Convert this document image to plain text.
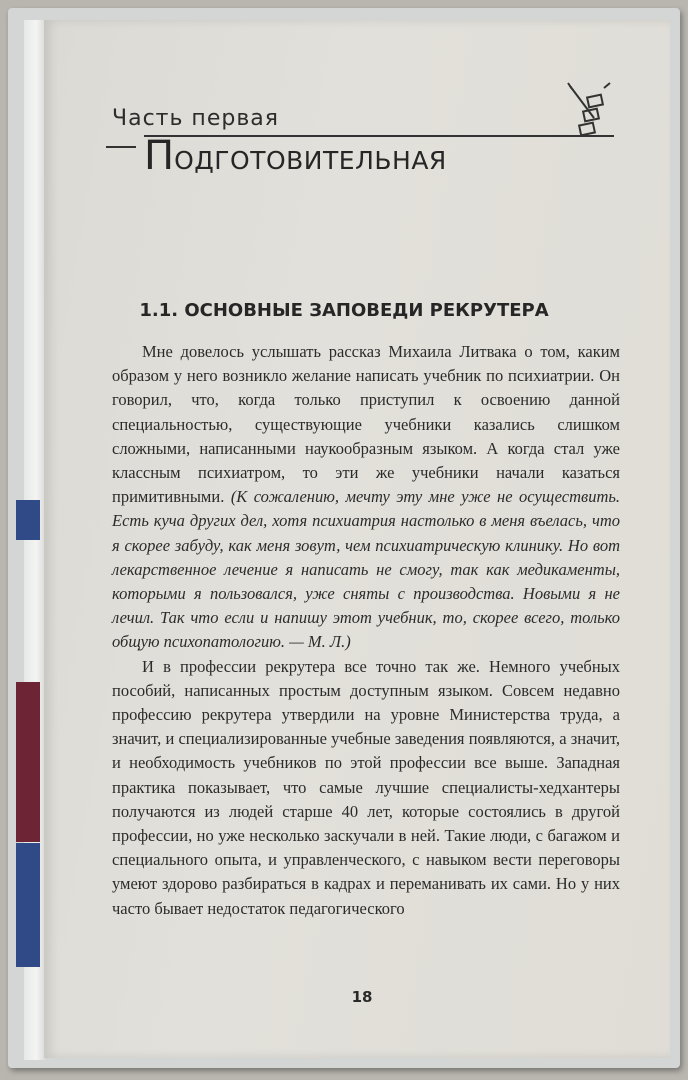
Часть первая
ПОДГОТОВИТЕЛЬНАЯ
1.1. ОСНОВНЫЕ ЗАПОВЕДИ РЕКРУТЕРА

Мне довелось услышать рассказ Михаила Литвака о том, каким образом у него возникло желание написать учебник по психиатрии. Он говорил, что, когда только приступил к освоению данной специальностью, существующие учебники казались слишком сложными, написанными наукообразным языком. А когда стал уже классным психиатром, то эти же учебники начали казаться примитивными. (К сожалению, мечту эту мне уже не осуществить. Есть куча других дел, хотя психиатрия настолько в меня въелась, что я скорее забуду, как меня зовут, чем психиатрическую клинику. Но вот лекарственное лечение я написать не смогу, так как медикаменты, которыми я пользовался, уже сняты с производства. Новыми я не лечил. Так что если и напишу этот учебник, то, скорее всего, только общую психопатологию. — М. Л.)

И в профессии рекрутера все точно так же. Немного учебных пособий, написанных простым доступным языком. Совсем недавно профессию рекрутера утвердили на уровне Министерства труда, а значит, и специализированные учебные заведения появляются, а значит, и необходимость учебников по этой профессии все выше. Западная практика показывает, что самые лучшие специалисты-хедхантеры получаются из людей старше 40 лет, которые состоялись в другой профессии, но уже несколько заскучали в ней. Такие люди, с багажом и специального опыта, и управленческого, с навыком вести переговоры умеют здорово разбираться в кадрах и переманивать их сами. Но у них часто бывает недостаток педагогического

18
